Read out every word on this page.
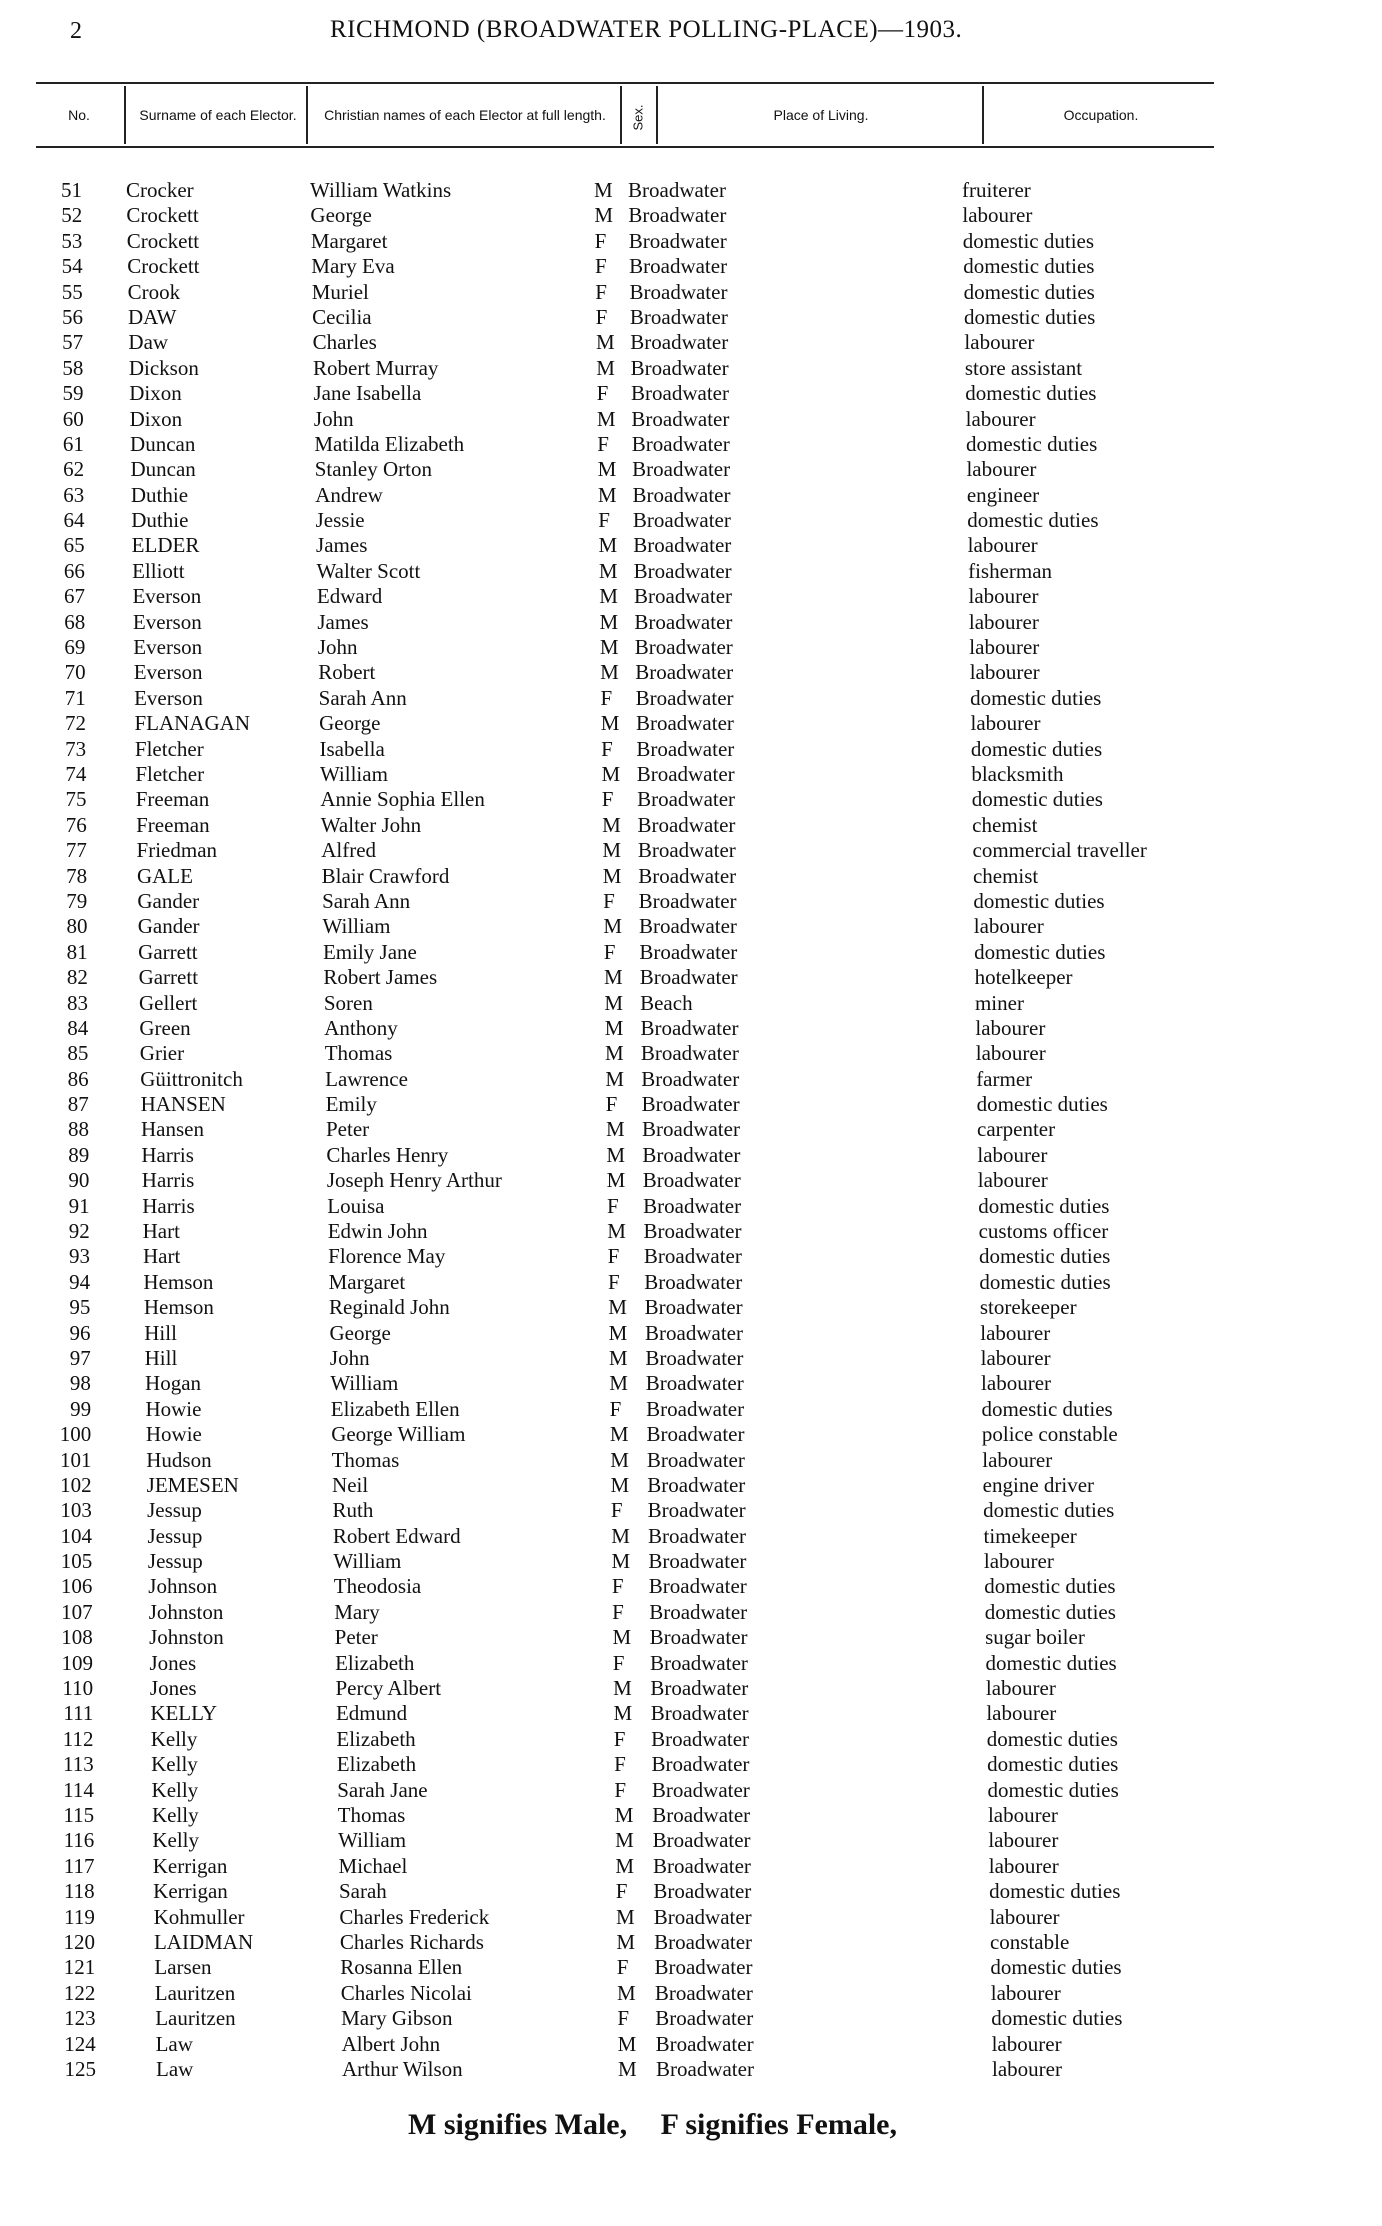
2	RICHMOND (BROADWATER POLLING-PLACE)—1903.
No.	Surname of each Elector.	Christian names of each Elector at full length.	Sex.	Place of Living.	Occupation.
51 Crocker	William Watkins	M Broadwater	fruiterer
52 Crockett	George	M Broadwater	labourer
53 Crockett	Margaret	F Broadwater	domestic duties
54 Crockett	Mary Eva	F Broadwater	domestic duties
55 Crook	Muriel	F Broadwater	domestic duties
56 DAW	Cecilia	F Broadwater	domestic duties
57 Daw	Charles	M Broadwater	labourer
58 Dickson	Robert Murray	M Broadwater	store assistant
59 Dixon	Jane Isabella	F Broadwater	domestic duties
60 Dixon	John	M Broadwater	labourer
61 Duncan	Matilda Elizabeth	F Broadwater	domestic duties
62 Duncan	Stanley Orton	M Broadwater	labourer
63 Duthie	Andrew	M Broadwater	engineer
64 Duthie	Jessie	F Broadwater	domestic duties
65 ELDER	James	M Broadwater	labourer
66 Elliott	Walter Scott	M Broadwater	fisherman
67 Everson	Edward	M Broadwater	labourer
68 Everson	James	M Broadwater	labourer
69 Everson	John	M Broadwater	labourer
70 Everson	Robert	M Broadwater	labourer
71 Everson	Sarah Ann	F Broadwater	domestic duties
72 FLANAGAN	George	M Broadwater	labourer
73 Fletcher	Isabella	F Broadwater	domestic duties
74 Fletcher	William	M Broadwater	blacksmith
75 Freeman	Annie Sophia Ellen	F Broadwater	domestic duties
76 Freeman	Walter John	M Broadwater	chemist
77 Friedman	Alfred	M Broadwater	commercial traveller
78 GALE	Blair Crawford	M Broadwater	chemist
79 Gander	Sarah Ann	F Broadwater	domestic duties
80 Gander	William	M Broadwater	labourer
81 Garrett	Emily Jane	F Broadwater	domestic duties
82 Garrett	Robert James	M Broadwater	hotelkeeper
83 Gellert	Soren	M Beach	miner
84 Green	Anthony	M Broadwater	labourer
85 Grier	Thomas	M Broadwater	labourer
86 Güittronitch	Lawrence	M Broadwater	farmer
87 HANSEN	Emily	F Broadwater	domestic duties
88 Hansen	Peter	M Broadwater	carpenter
89 Harris	Charles Henry	M Broadwater	labourer
90 Harris	Joseph Henry Arthur	M Broadwater	labourer
91	Harris	Louisa	F Broadwater	domestic duties
92	Hart	Edwin John	M Broadwater	customs officer
93	Hart	Florence May	F Broadwater	domestic duties
94	Hemson	Margaret	F Broadwater	domestic duties
95	Hemson	Reginald John	M Broadwater	storekeeper
96	Hill	George	M Broadwater	labourer
97	Hill	John	M Broadwater	labourer
98	Hogan	William	M Broadwater	labourer
99	Howie	Elizabeth Ellen	F Broadwater	domestic duties
100	Howie	George William	M Broadwater	police constable
101	Hudson	Thomas	M Broadwater	labourer
102	JEMESEN	Neil	M Broadwater	engine driver
103	Jessup	Ruth	F Broadwater	domestic duties
104	Jessup	Robert Edward	M Broadwater	timekeeper
105	Jessup	William	M Broadwater	labourer
106	Johnson	Theodosia	F Broadwater	domestic duties
107	Johnston	Mary	F Broadwater	domestic duties
108	Johnston	Peter	M Broadwater	sugar boiler
109	Jones	Elizabeth	F Broadwater	domestic duties
110	Jones	Percy Albert	M Broadwater	labourer
111	KELLY	Edmund	M Broadwater	labourer
112	Kelly	Elizabeth	F Broadwater	domestic duties
113	Kelly	Elizabeth	F Broadwater	domestic duties
114	Kelly	Sarah Jane	F Broadwater	domestic duties
115	Kelly	Thomas	M Broadwater	labourer
116	Kelly	William	M Broadwater	labourer
117	Kerrigan	Michael	M Broadwater	labourer
118	Kerrigan	Sarah	F Broadwater	domestic duties
119	Kohmuller	Charles Frederick	M Broadwater	labourer
120	LAIDMAN	Charles Richards	M Broadwater	constable
121	Larsen	Rosanna Ellen	F Broadwater	domestic duties
122	Lauritzen	Charles Nicolai	M Broadwater	labourer
123	Lauritzen	Mary Gibson	F Broadwater	domestic duties
124	Law	Albert John	M Broadwater	labourer
125	Law	Arthur Wilson	M Broadwater	labourer
M signifies Male, F signifies Female,
